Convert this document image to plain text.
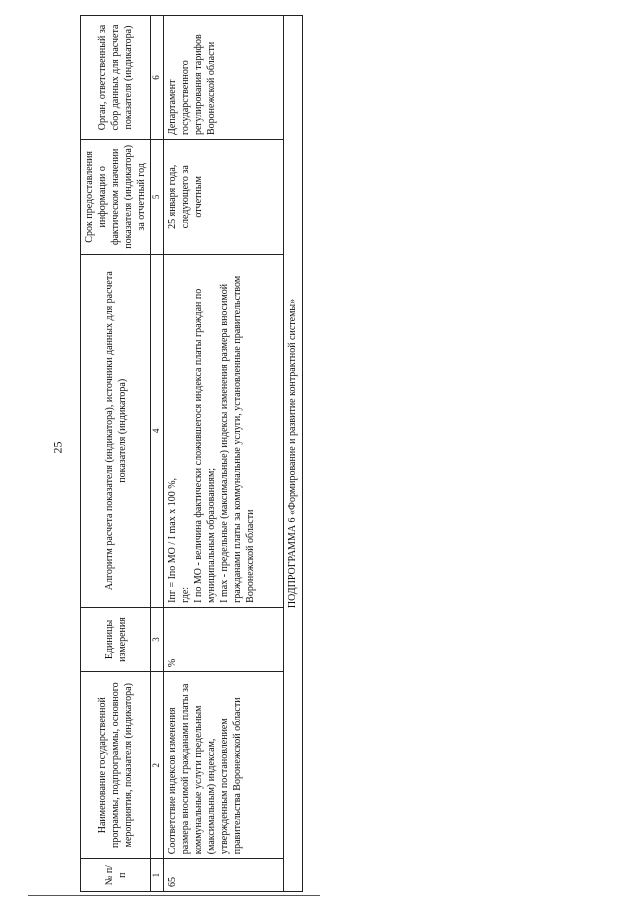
25
№ п/п	Наименование государственной программы, подпрограммы, основного мероприятия, показателя (индикатора)	Единицы измерения	Алгоритм расчета показателя (индикатора), источники данных для расчета показателя (индикатора)	Срок предоставления информации о фактическом значении показателя (индикатора) за отчетный год	Орган, ответственный за сбор данных для расчета показателя (индикатора)
1	2	3	4	5	6
65	Соответствие индексов изменения размера вносимой гражданами платы за коммунальные услуги предельным (максимальным) индексам, утвержденным постановлением правительства Воронежской области	%	Iпг = Iпо МО / I max х 100 %, где: I по МО - величина фактически сложившегося индекса платы граждан по муниципальным образованиям; I max - предельные (максимальные) индексы изменения размера вносимой гражданами платы за коммунальные услуги, установленные правительством Воронежской области	25 января года, следующего за отчетным	Департамент государственного регулирования тарифов Воронежской области
ПОДПРОГРАММА 6 «Формирование и развитие контрактной системы»					
